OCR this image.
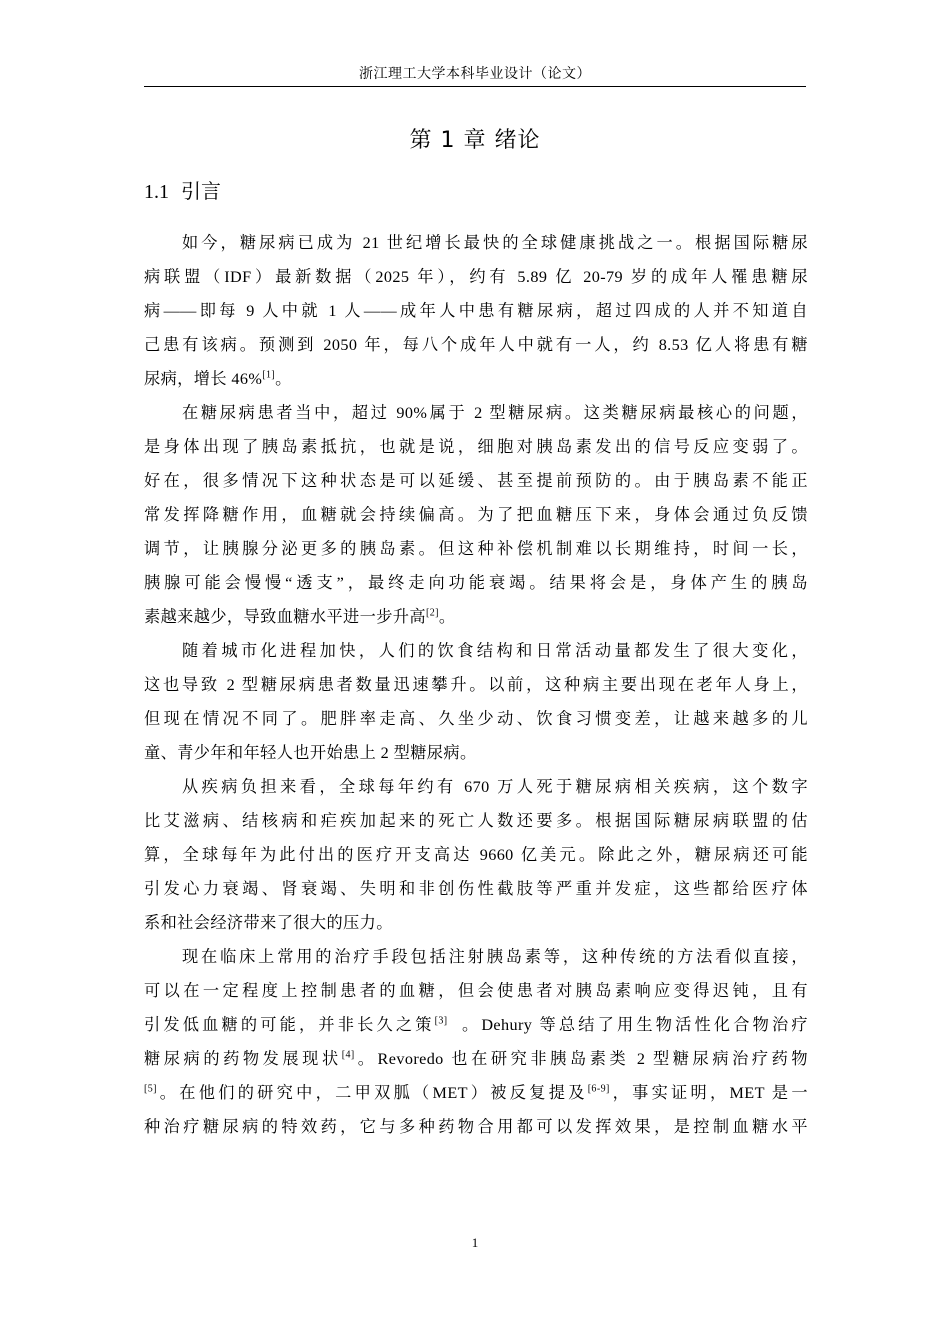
浙江理工大学本科毕业设计（论文）
第 1 章 绪论
1.1 引言
如今，糖尿病已成为 21 世纪增长最快的全球健康挑战之一。根据国际糖尿
病联盟（IDF）最新数据（2025 年），约有 5.89 亿 20-79 岁的成年人罹患糖尿
病——即每 9 人中就 1 人——成年人中患有糖尿病，超过四成的人并不知道自
己患有该病。预测到 2050 年，每八个成年人中就有一人，约 8.53 亿人将患有糖
尿病，增长 46%[1]。
在糖尿病患者当中，超过 90%属于 2 型糖尿病。这类糖尿病最核心的问题，
是身体出现了胰岛素抵抗，也就是说，细胞对胰岛素发出的信号反应变弱了。
好在，很多情况下这种状态是可以延缓、甚至提前预防的。由于胰岛素不能正
常发挥降糖作用，血糖就会持续偏高。为了把血糖压下来，身体会通过负反馈
调节，让胰腺分泌更多的胰岛素。但这种补偿机制难以长期维持，时间一长，
胰腺可能会慢慢“透支”，最终走向功能衰竭。结果将会是，身体产生的胰岛
素越来越少，导致血糖水平进一步升高[2]。
随着城市化进程加快，人们的饮食结构和日常活动量都发生了很大变化，
这也导致 2 型糖尿病患者数量迅速攀升。以前，这种病主要出现在老年人身上，
但现在情况不同了。肥胖率走高、久坐少动、饮食习惯变差，让越来越多的儿
童、青少年和年轻人也开始患上 2 型糖尿病。
从疾病负担来看，全球每年约有 670 万人死于糖尿病相关疾病，这个数字
比艾滋病、结核病和疟疾加起来的死亡人数还要多。根据国际糖尿病联盟的估
算，全球每年为此付出的医疗开支高达 9660 亿美元。除此之外，糖尿病还可能
引发心力衰竭、肾衰竭、失明和非创伤性截肢等严重并发症，这些都给医疗体
系和社会经济带来了很大的压力。
现在临床上常用的治疗手段包括注射胰岛素等，这种传统的方法看似直接，
可以在一定程度上控制患者的血糖，但会使患者对胰岛素响应变得迟钝，且有
引发低血糖的可能，并非长久之策[3] 。Dehury 等总结了用生物活性化合物治疗
糖尿病的药物发展现状[4]。Revoredo 也在研究非胰岛素类 2 型糖尿病治疗药物
[5]。在他们的研究中，二甲双胍（MET）被反复提及[6-9]，事实证明，MET 是一
种治疗糖尿病的特效药，它与多种药物合用都可以发挥效果，是控制血糖水平
1
